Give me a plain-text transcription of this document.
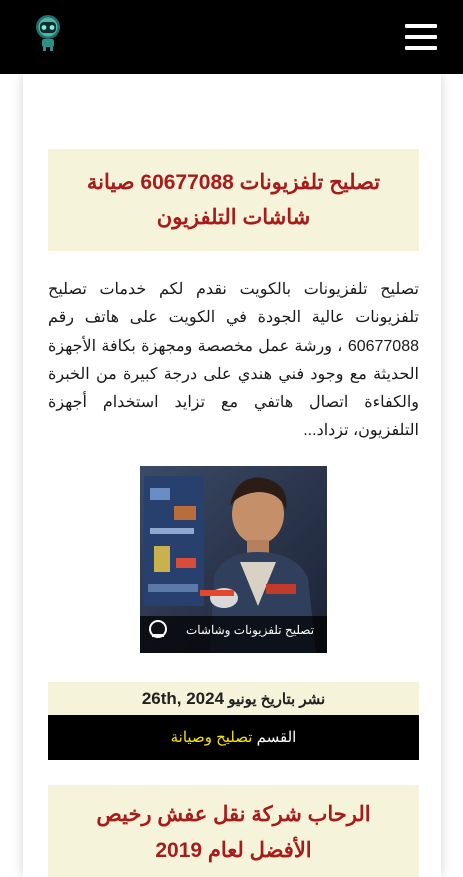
تصليح تلفزيونات 60677088 صيانة شاشات التلفزيون

تصليح تلفزيونات بالكويت نقدم لكم خدمات تصليح تلفزيونات عالية الجودة في الكويت على هاتف رقم 60677088 ، ورشة عمل مخصصة ومجهزة بكافة الأجهزة الحديثة مع وجود فني هندي على درجة كبيرة من الخبرة والكفاءة اتصال هاتفي مع تزايد استخدام أجهزة التلفزيون، تزداد...

تصليح تلفزيونات وشاشات
نشر بتاريخ يونيو 26th, 2024
القسم تصليح وصيانة
الرحاب شركة نقل عفش رخيص الأفضل لعام 2019
